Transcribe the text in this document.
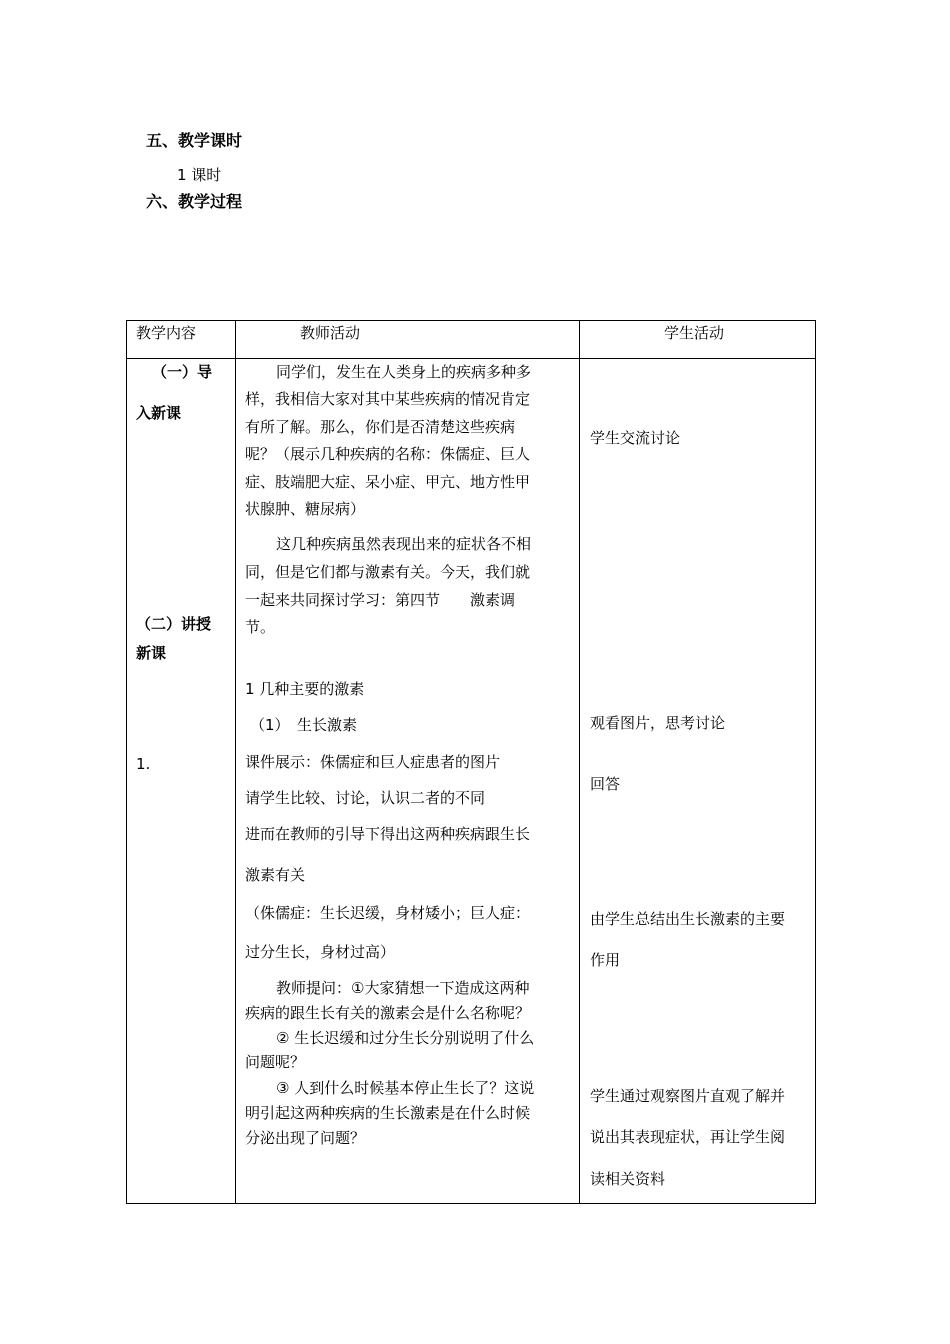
五、教学课时
1 课时
六、教学过程
教学内容	教师活动	学生活动
（一）导
入新课
（二）讲授
新课
1.
同学们，发生在人类身上的疾病多种多
样，我相信大家对其中某些疾病的情况肯定
有所了解。那么，你们是否清楚这些疾病
呢？（展示几种疾病的名称：侏儒症、巨人
症、肢端肥大症、呆小症、甲亢、地方性甲
状腺肿、糖尿病）
这几种疾病虽然表现出来的症状各不相
同，但是它们都与激素有关。今天，我们就
一起来共同探讨学习：第四节　　激素调
节。
1 几种主要的激素
（1）　生长激素
课件展示：侏儒症和巨人症患者的图片
请学生比较、讨论，认识二者的不同
进而在教师的引导下得出这两种疾病跟生长
激素有关
（侏儒症：生长迟缓，身材矮小；巨人症：
过分生长，身材过高）
教师提问：①大家猜想一下造成这两种
疾病的跟生长有关的激素会是什么名称呢？
② 生长迟缓和过分生长分别说明了什么
问题呢？
③ 人到什么时候基本停止生长了？这说
明引起这两种疾病的生长激素是在什么时候
分泌出现了问题？
学生交流讨论
观看图片，思考讨论
回答
由学生总结出生长激素的主要
作用
学生通过观察图片直观了解并
说出其表现症状，再让学生阅
读相关资料
